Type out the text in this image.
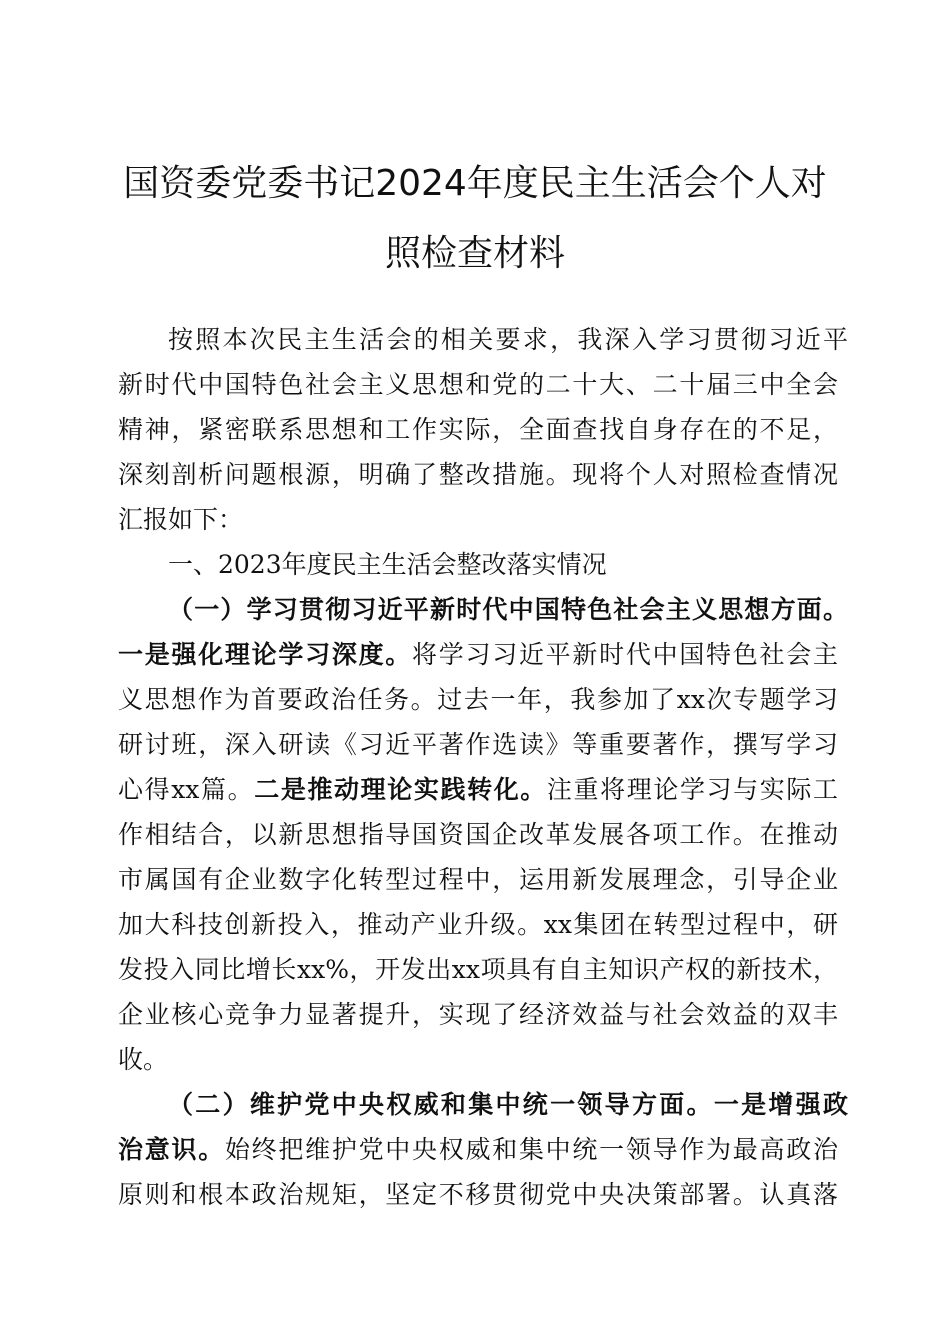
国资委党委书记2024年度民主生活会个人对
照检查材料
按照本次民主生活会的相关要求，我深入学习贯彻习近平
新时代中国特色社会主义思想和党的二十大、二十届三中全会
精神，紧密联系思想和工作实际，全面查找自身存在的不足，
深刻剖析问题根源，明确了整改措施。现将个人对照检查情况
汇报如下：
一、2023年度民主生活会整改落实情况
（一）学习贯彻习近平新时代中国特色社会主义思想方面。
一是强化理论学习深度。将学习习近平新时代中国特色社会主
义思想作为首要政治任务。过去一年，我参加了xx次专题学习
研讨班，深入研读《习近平著作选读》等重要著作，撰写学习
心得xx篇。二是推动理论实践转化。注重将理论学习与实际工
作相结合，以新思想指导国资国企改革发展各项工作。在推动
市属国有企业数字化转型过程中，运用新发展理念，引导企业
加大科技创新投入，推动产业升级。xx集团在转型过程中，研
发投入同比增长xx%，开发出xx项具有自主知识产权的新技术，
企业核心竞争力显著提升，实现了经济效益与社会效益的双丰
收。
（二）维护党中央权威和集中统一领导方面。一是增强政
治意识。始终把维护党中央权威和集中统一领导作为最高政治
原则和根本政治规矩，坚定不移贯彻党中央决策部署。认真落
